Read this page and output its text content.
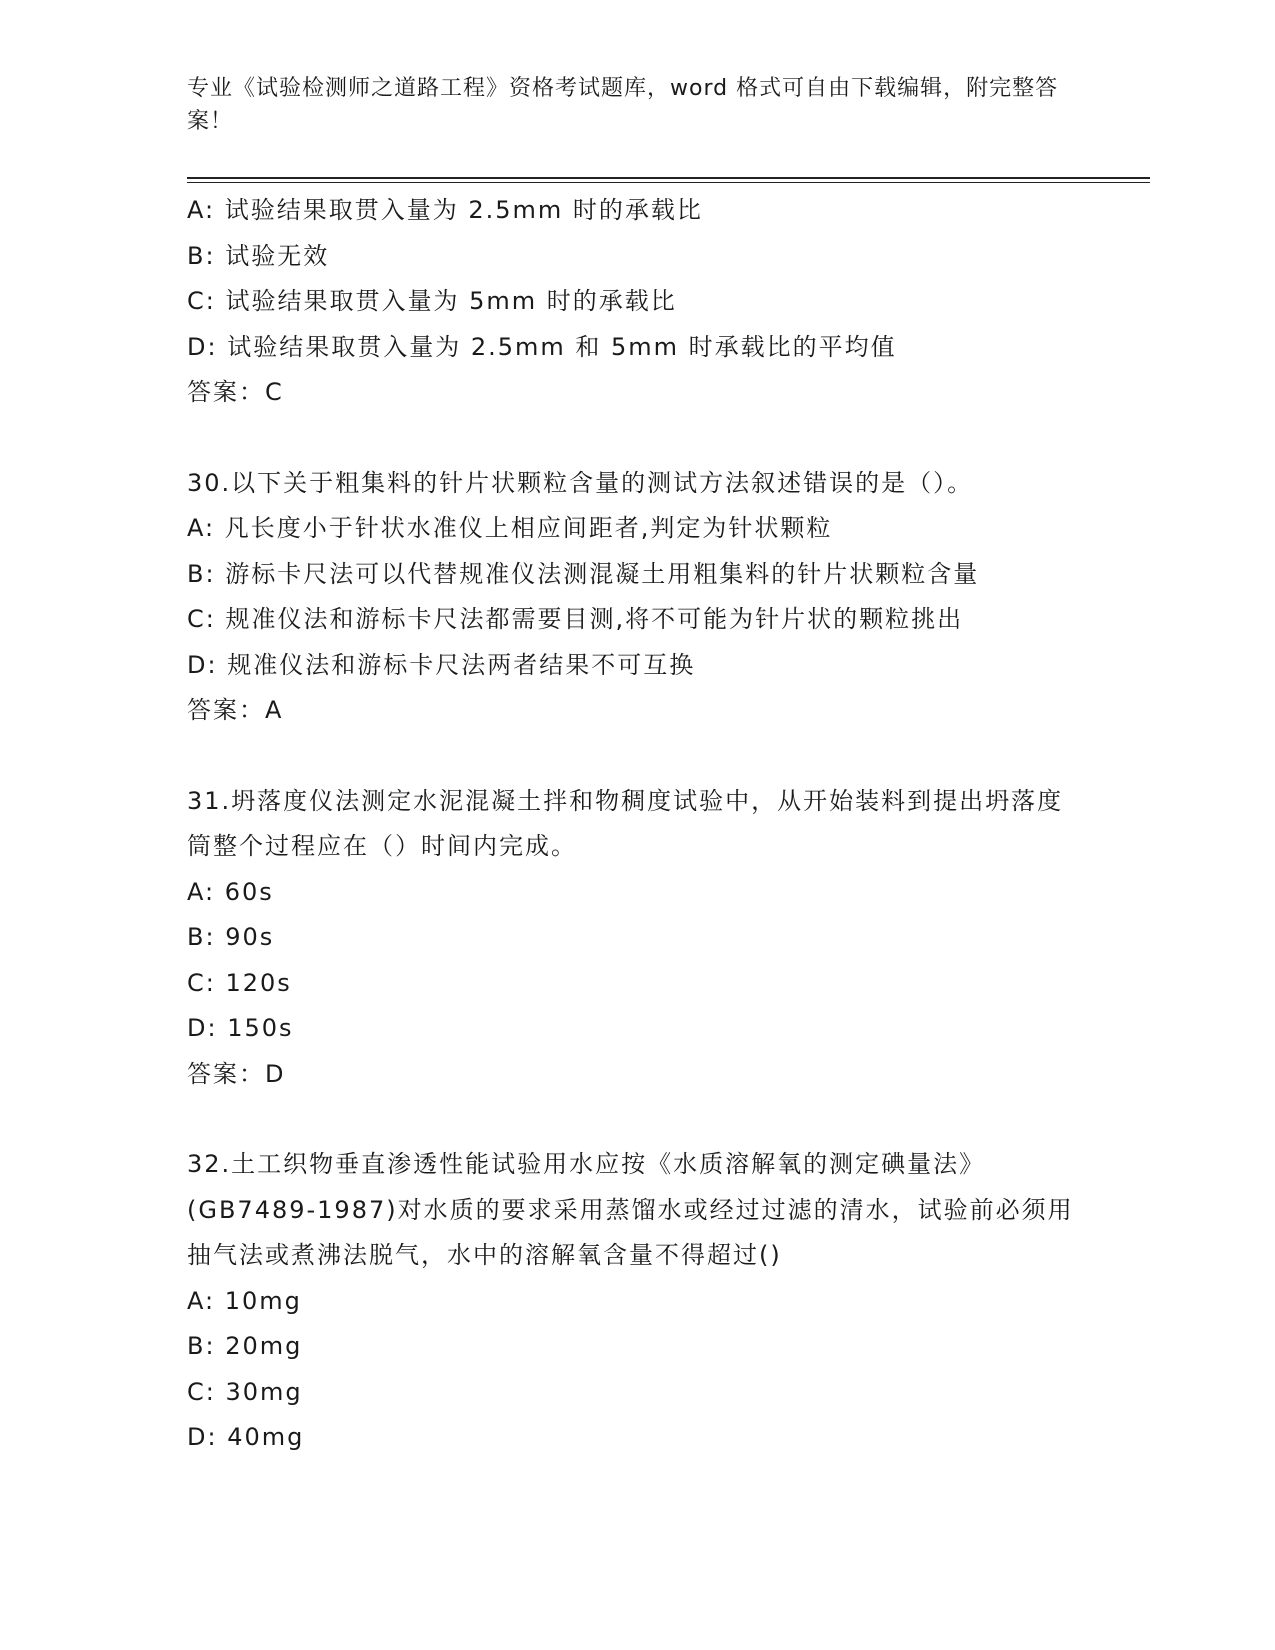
专业《试验检测师之道路工程》资格考试题库，word 格式可自由下载编辑，附完整答案！
A: 试验结果取贯入量为 2.5mm 时的承载比
B: 试验无效
C: 试验结果取贯入量为 5mm 时的承载比
D: 试验结果取贯入量为 2.5mm 和 5mm 时承载比的平均值
答案：C
30.以下关于粗集料的针片状颗粒含量的测试方法叙述错误的是（）。
A: 凡长度小于针状水准仪上相应间距者,判定为针状颗粒
B: 游标卡尺法可以代替规准仪法测混凝土用粗集料的针片状颗粒含量
C: 规准仪法和游标卡尺法都需要目测,将不可能为针片状的颗粒挑出
D: 规准仪法和游标卡尺法两者结果不可互换
答案：A
31.坍落度仪法测定水泥混凝土拌和物稠度试验中，从开始装料到提出坍落度筒整个过程应在（）时间内完成。
A: 60s
B: 90s
C: 120s
D: 150s
答案：D
32.土工织物垂直渗透性能试验用水应按《水质溶解氧的测定碘量法》(GB7489-1987)对水质的要求采用蒸馏水或经过过滤的清水，试验前必须用抽气法或煮沸法脱气，水中的溶解氧含量不得超过()
A: 10mg
B: 20mg
C: 30mg
D: 40mg
